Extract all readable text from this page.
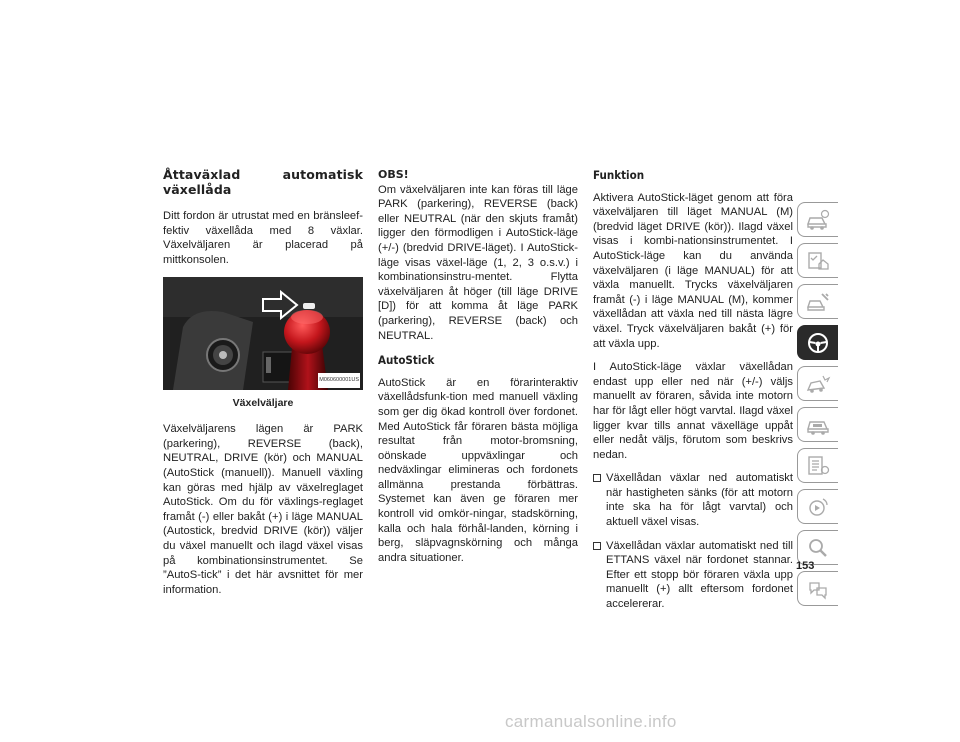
Åttaväxlad automatisk växellåda

Ditt fordon är utrustat med en bränsleef-fektiv växellåda med 8 växlar. Växelväljaren är placerad på mittkonsolen.

M060600001US
Växelväljare

Växelväljarens lägen är PARK (parkering), REVERSE (back), NEUTRAL, DRIVE (kör) och MANUAL (AutoStick (manuell)). Manuell växling kan göras med hjälp av växelreglaget AutoStick. Om du för växlings-reglaget framåt (-) eller bakåt (+) i läge MANUAL (Autostick, bredvid DRIVE (kör)) väljer du växel manuellt och ilagd växel visas på kombinationsinstrumentet. Se ”AutoS-tick” i det här avsnittet för mer information.

OBS!
Om växelväljaren inte kan föras till läge PARK (parkering), REVERSE (back) eller NEUTRAL (när den skjuts framåt) ligger den förmodligen i AutoStick-läge (+/-) (bredvid DRIVE-läget). I AutoStick-läge visas växel-läge (1, 2, 3 o.s.v.) i kombinationsinstru-mentet. Flytta växelväljaren åt höger (till läge DRIVE [D]) för att komma åt läge PARK (parkering), REVERSE (back) och NEUTRAL.

AutoStick

AutoStick är en förarinteraktiv växellådsfunk-tion med manuell växling som ger dig ökad kontroll över fordonet. Med AutoStick får föraren bästa möjliga resultat från motor-bromsning, oönskade uppväxlingar och nedväxlingar elimineras och fordonets allmänna prestanda förbättras. Systemet kan även ge föraren mer kontroll vid omkör-ningar, stadskörning, kalla och hala förhål-landen, körning i berg, släpvagnskörning och många andra situationer.

Funktion

Aktivera AutoStick-läget genom att föra växelväljaren till läget MANUAL (M) (bredvid läget DRIVE (kör)). Ilagd växel visas i kombi-nationsinstrumentet. I AutoStick-läge kan du använda växelväljaren (i läge MANUAL) för att växla manuellt. Trycks växelväljaren framåt (-) i läge MANUAL (M), kommer växellådan att växla ned till nästa lägre växel. Tryck växelväljaren bakåt (+) för att växla upp.

I AutoStick-läge växlar växellådan endast upp eller ned när (+/-) väljs manuellt av föraren, såvida inte motorn har för lågt eller högt varvtal. Ilagd växel ligger kvar tills annat växelläge uppåt eller nedåt väljs, förutom som beskrivs nedan.

Växellådan växlar ned automatiskt när hastigheten sänks (för att motorn inte ska ha för lågt varvtal) och aktuell växel visas.
Växellådan växlar automatiskt ned till ETTANS växel när fordonet stannar. Efter ett stopp bör föraren växla upp manuellt (+) allt eftersom fordonet accelererar.
153
carmanualsonline.info
